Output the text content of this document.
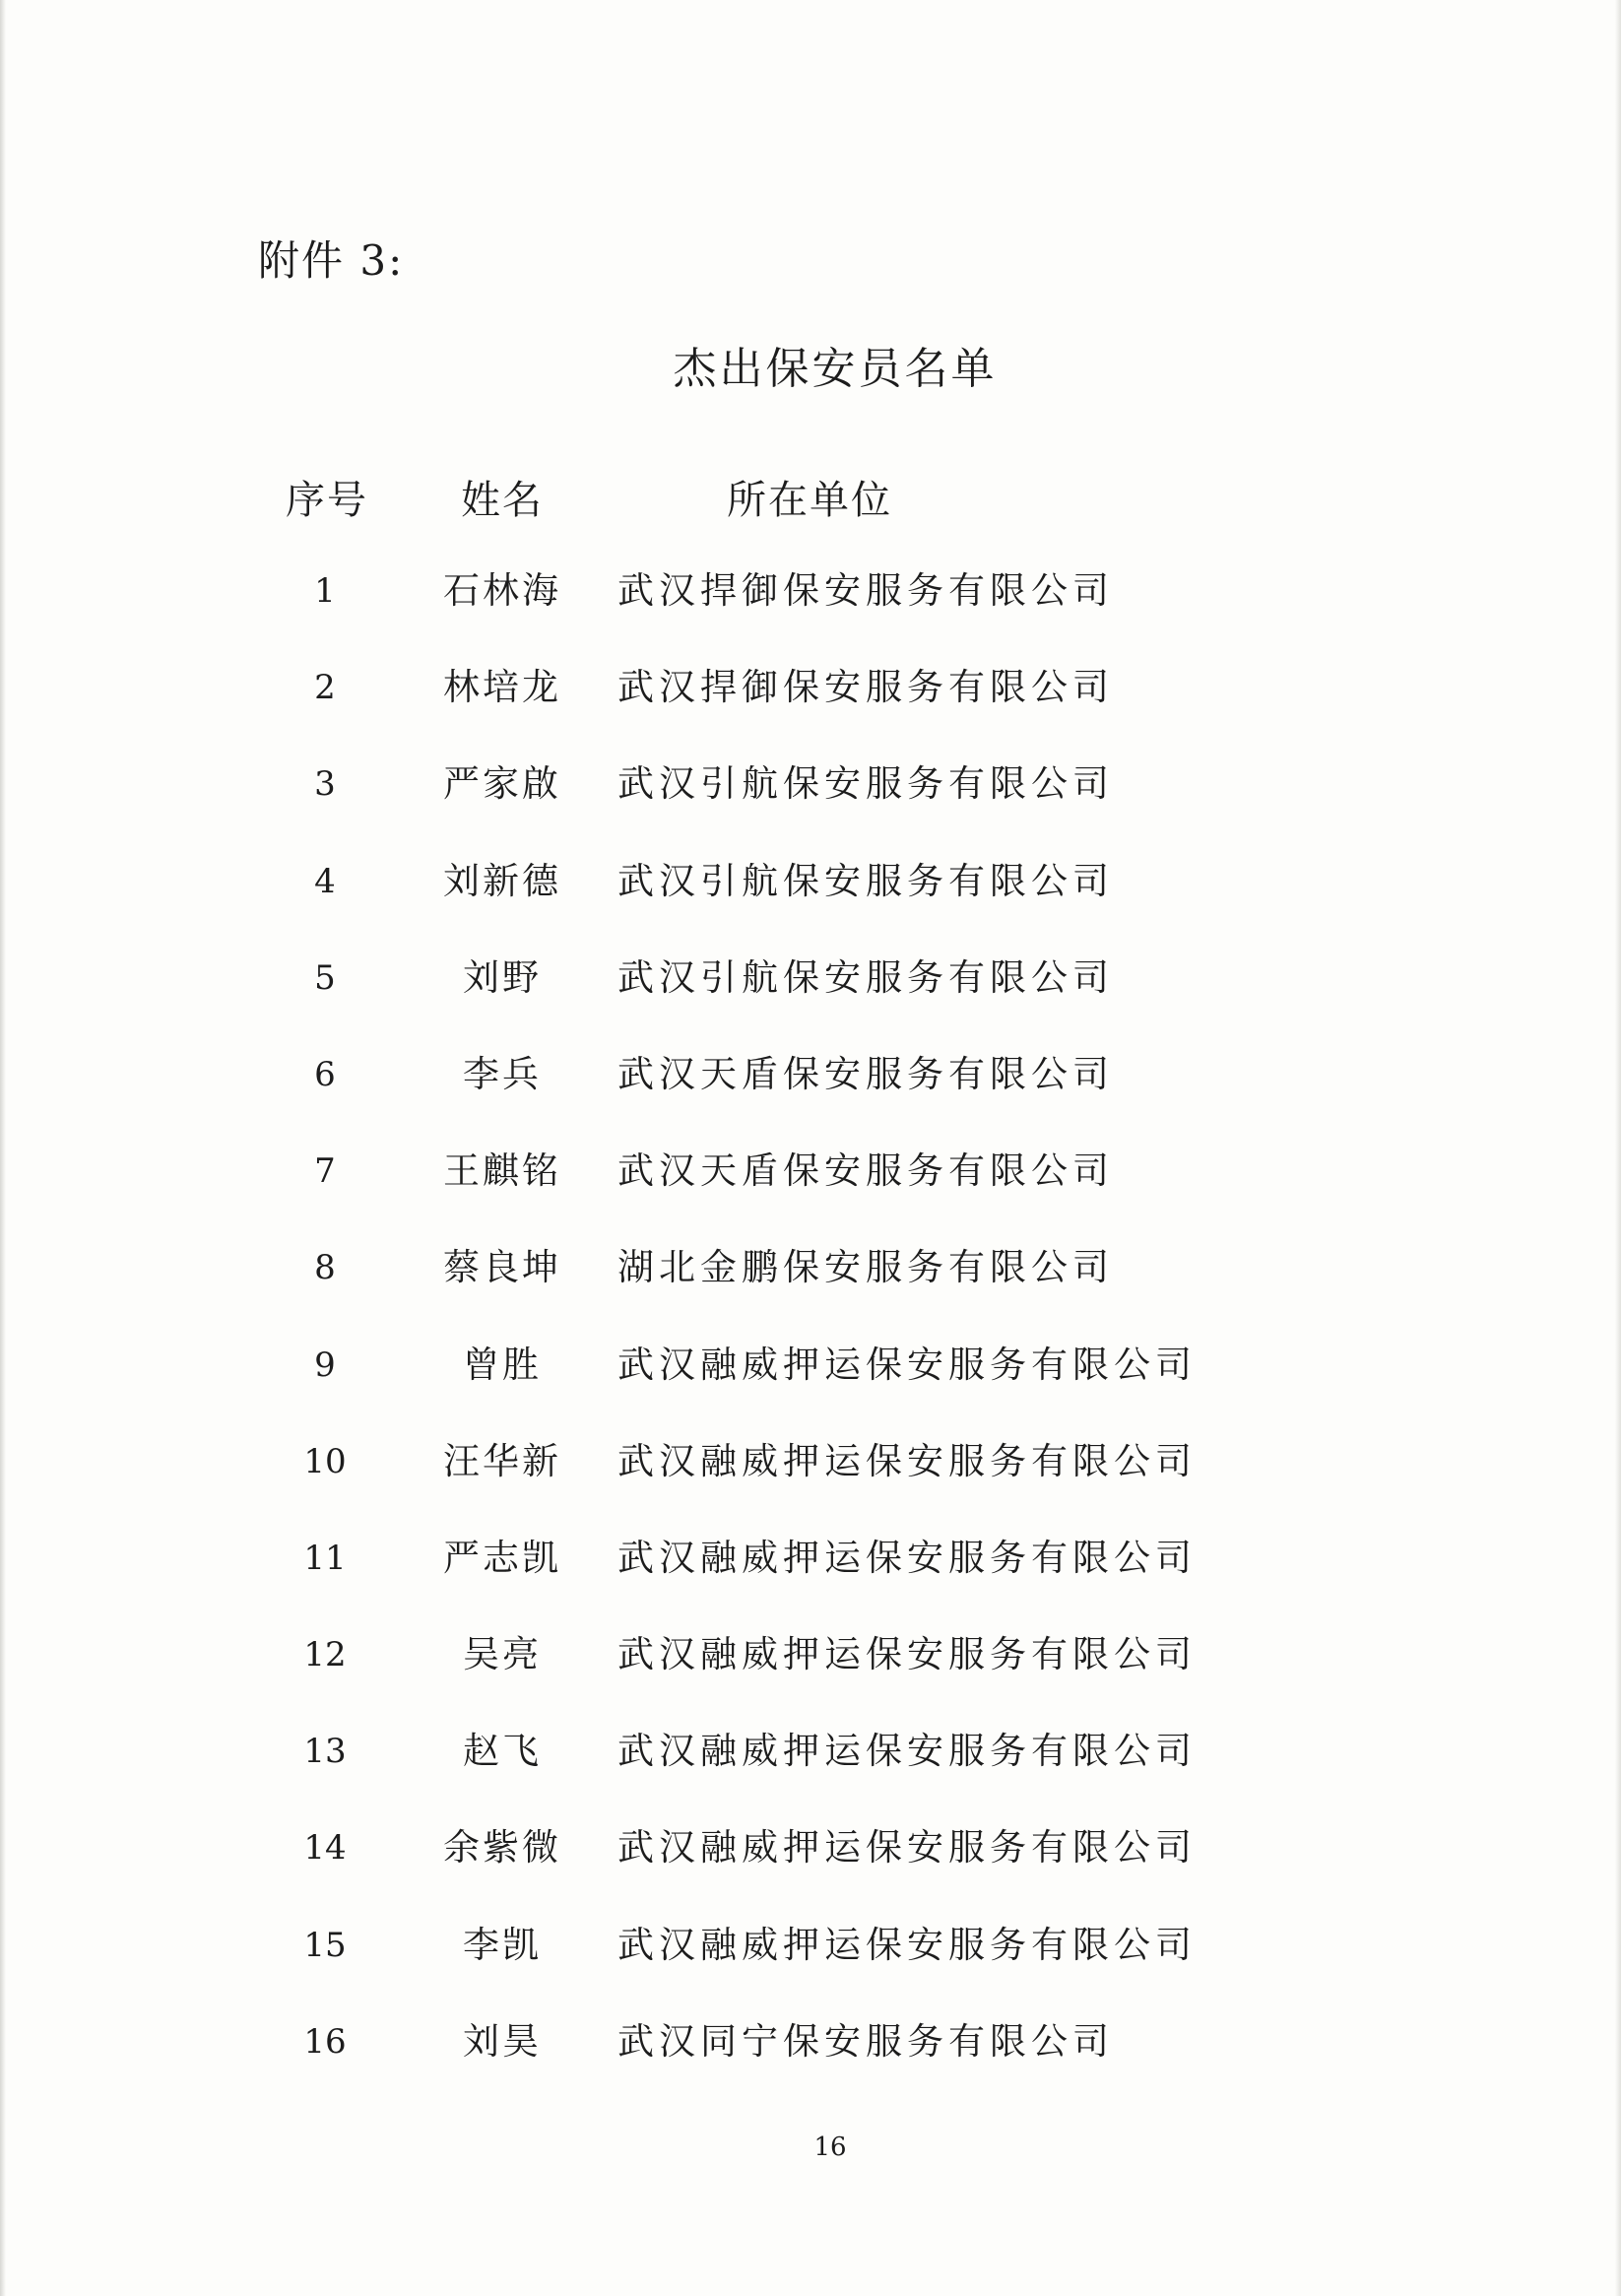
附件 3:
杰出保安员名单
序号 姓名	所在单位
1	石林海	武汉捍御保安服务有限公司
2	林培龙	武汉捍御保安服务有限公司
3	严家啟	武汉引航保安服务有限公司
4	刘新德	武汉引航保安服务有限公司
5	刘野	武汉引航保安服务有限公司
6	李兵	武汉天盾保安服务有限公司
7	王麒铭	武汉天盾保安服务有限公司
8	蔡良坤	湖北金鹏保安服务有限公司
9	曾胜	武汉融威押运保安服务有限公司
10	汪华新	武汉融威押运保安服务有限公司
11	严志凯	武汉融威押运保安服务有限公司
12	吴亮	武汉融威押运保安服务有限公司
13	赵飞	武汉融威押运保安服务有限公司
14	余紫微	武汉融威押运保安服务有限公司
15	李凯	武汉融威押运保安服务有限公司
16	刘昊	武汉同宁保安服务有限公司
16
